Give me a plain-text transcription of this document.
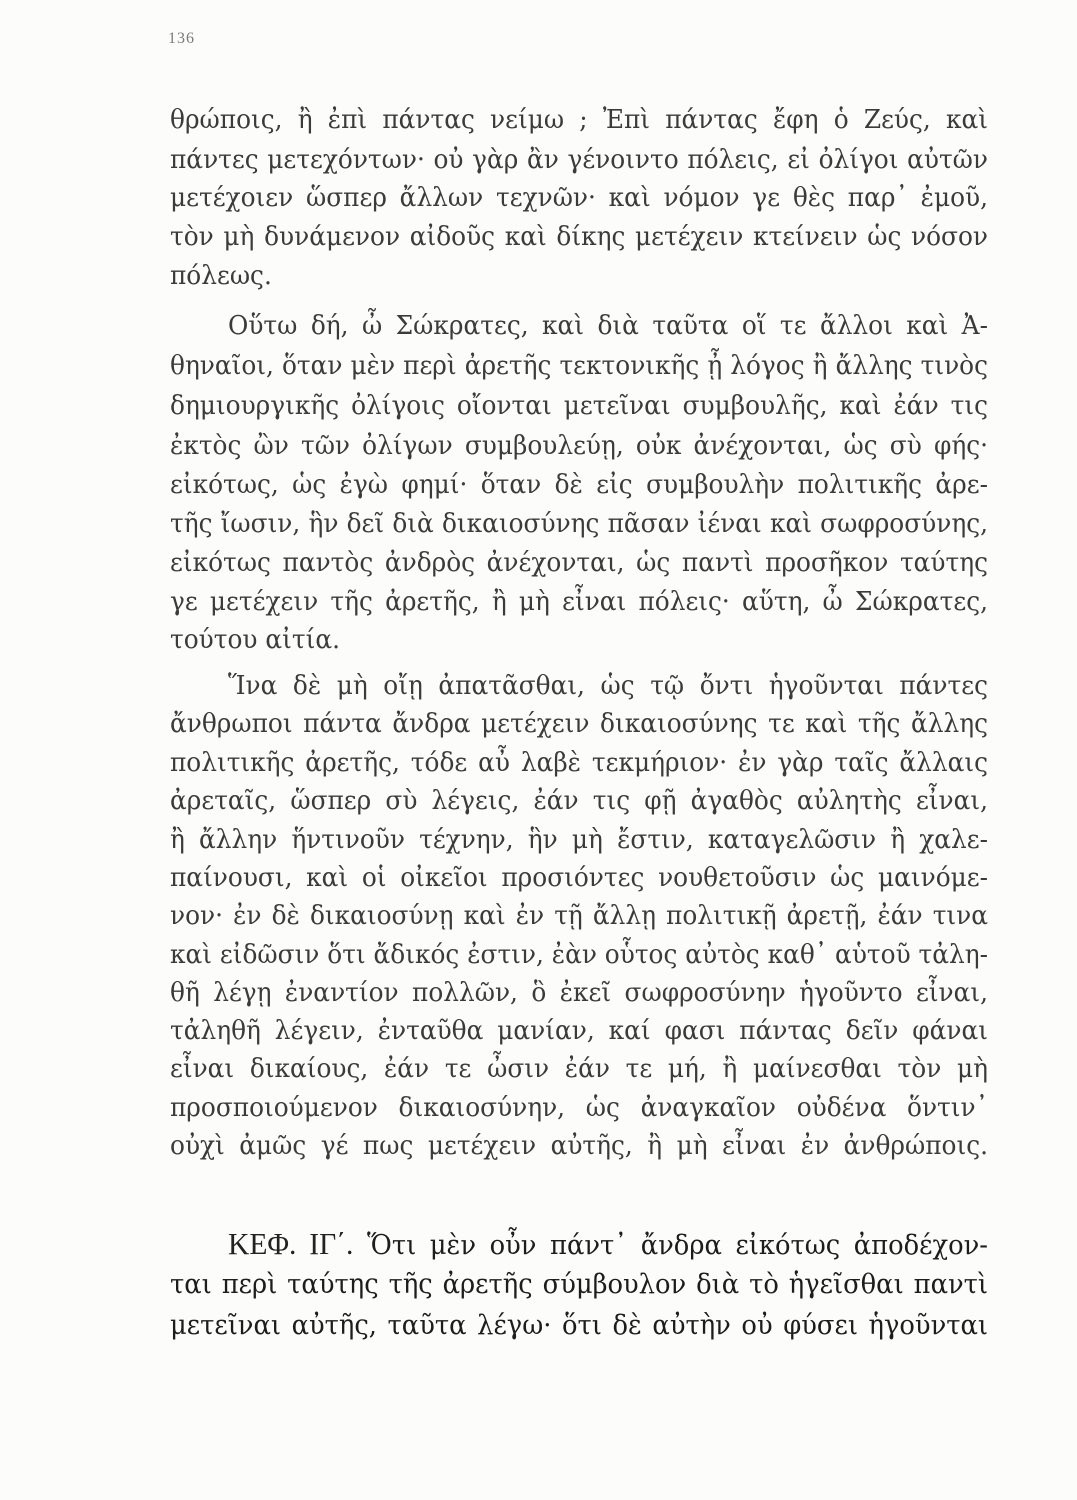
136
θρώποις, ἢ ἐπὶ πάντας νείμω ; Ἐπὶ πάντας ἔφη ὁ Ζεύς, καὶ
πάντες μετεχόντων· οὐ γὰρ ἂν γένοιντο πόλεις, εἰ ὀλίγοι αὐτῶν
μετέχοιεν ὥσπερ ἄλλων τεχνῶν· καὶ νόμον γε θὲς παρ᾽ ἐμοῦ,
τὸν μὴ δυνάμενον αἰδοῦς καὶ δίκης μετέχειν κτείνειν ὡς νόσον
πόλεως.
Οὕτω δή, ὦ Σώκρατες, καὶ διὰ ταῦτα οἵ τε ἄλλοι καὶ Ἀ-
θηναῖοι, ὅταν μὲν περὶ ἀρετῆς τεκτονικῆς ᾖ λόγος ἢ ἄλλης τινὸς
δημιουργικῆς ὀλίγοις οἴονται μετεῖναι συμβουλῆς, καὶ ἐάν τις
ἐκτὸς ὢν τῶν ὀλίγων συμβουλεύῃ, οὐκ ἀνέχονται, ὡς σὺ φής·
εἰκότως, ὡς ἐγὼ φημί· ὅταν δὲ εἰς συμβουλὴν πολιτικῆς ἀρε-
τῆς ἴωσιν, ἣν δεῖ διὰ δικαιοσύνης πᾶσαν ἰέναι καὶ σωφροσύνης,
εἰκότως παντὸς ἀνδρὸς ἀνέχονται, ὡς παντὶ προσῆκον ταύτης
γε μετέχειν τῆς ἀρετῆς, ἢ μὴ εἶναι πόλεις· αὕτη, ὦ Σώκρατες,
τούτου αἰτία.
Ἵνα δὲ μὴ οἴῃ ἀπατᾶσθαι, ὡς τῷ ὄντι ἡγοῦνται πάντες
ἄνθρωποι πάντα ἄνδρα μετέχειν δικαιοσύνης τε καὶ τῆς ἄλλης
πολιτικῆς ἀρετῆς, τόδε αὖ λαβὲ τεκμήριον· ἐν γὰρ ταῖς ἄλλαις
ἀρεταῖς, ὥσπερ σὺ λέγεις, ἐάν τις φῇ ἀγαθὸς αὐλητὴς εἶναι,
ἢ ἄλλην ἥντινοῦν τέχνην, ἣν μὴ ἔστιν, καταγελῶσιν ἢ χαλε-
παίνουσι, καὶ οἱ οἰκεῖοι προσιόντες νουθετοῦσιν ὡς μαινόμε-
νον· ἐν δὲ δικαιοσύνῃ καὶ ἐν τῇ ἄλλῃ πολιτικῇ ἀρετῇ, ἐάν τινα
καὶ εἰδῶσιν ὅτι ἄδικός ἐστιν, ἐὰν οὗτος αὐτὸς καθ᾽ αὑτοῦ τἀλη-
θῆ λέγῃ ἐναντίον πολλῶν, ὃ ἐκεῖ σωφροσύνην ἡγοῦντο εἶναι,
τἀληθῆ λέγειν, ἐνταῦθα μανίαν, καί φασι πάντας δεῖν φάναι
εἶναι δικαίους, ἐάν τε ὦσιν ἐάν τε μή, ἢ μαίνεσθαι τὸν μὴ
προσποιούμενον δικαιοσύνην, ὡς ἀναγκαῖον οὐδένα ὅντιν᾽
οὐχὶ ἀμῶς γέ πως μετέχειν αὐτῆς, ἢ μὴ εἶναι ἐν ἀνθρώποις.
ΚΕΦ. ΙΓ΄. Ὅτι μὲν οὖν πάντ᾽ ἄνδρα εἰκότως ἀποδέχον-
ται περὶ ταύτης τῆς ἀρετῆς σύμβουλον διὰ τὸ ἡγεῖσθαι παντὶ
μετεῖναι αὐτῆς, ταῦτα λέγω· ὅτι δὲ αὐτὴν οὐ φύσει ἡγοῦνται
